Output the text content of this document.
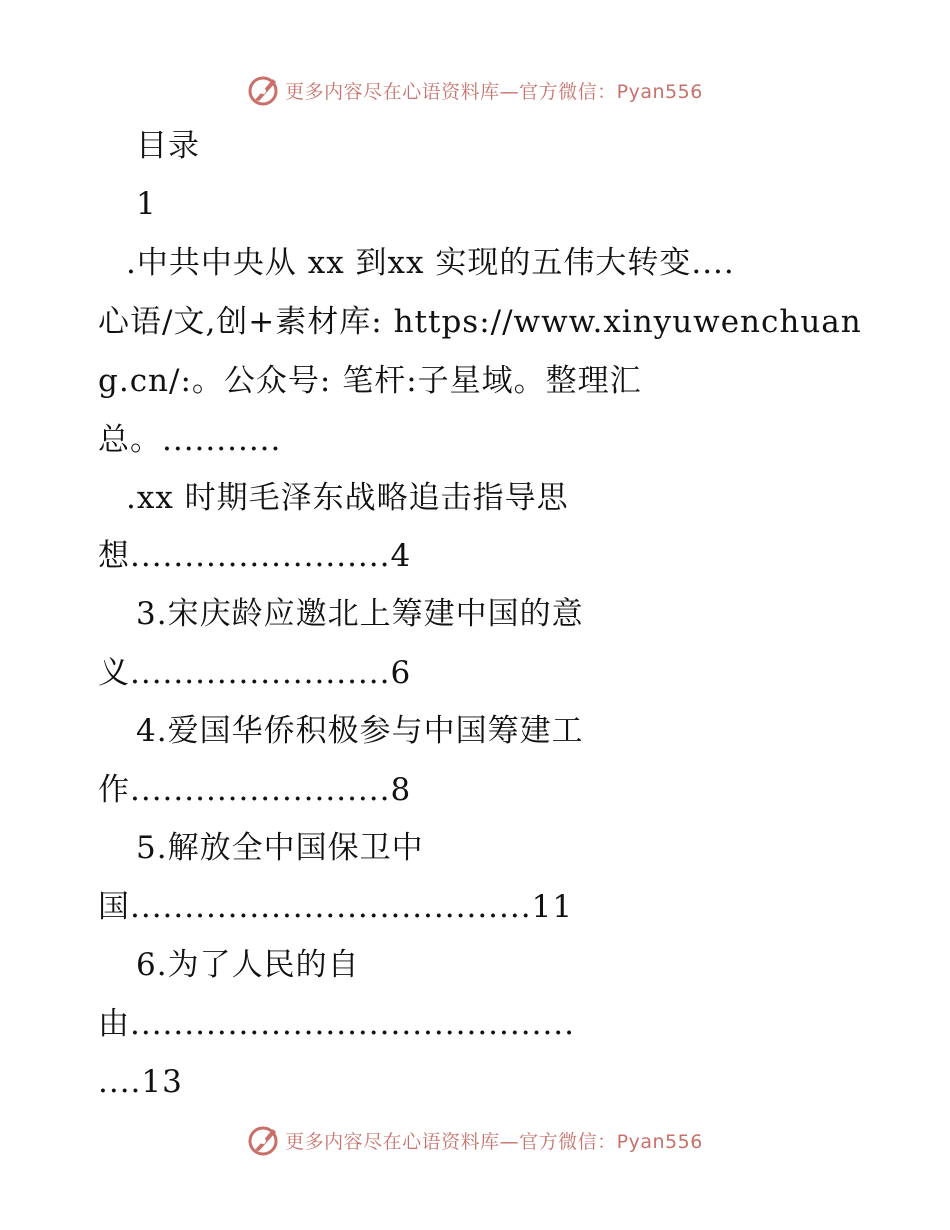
更多内容尽在心语资料库—官方微信：Pyan556
目录
1
.中共中央从 xx 到xx 实现的五伟大转变....
心语/文,创+素材库: https://www.xinyuwenchuan
g.cn/:。公众号: 笔杆:子星域。整理汇
总。...........
.xx 时期毛泽东战略追击指导思
想........................4
3.宋庆龄应邀北上筹建中国的意
义........................6
4.爱国华侨积极参与中国筹建工
作........................8
5.解放全中国保卫中
国.....................................11
6.为了人民的自
由.........................................
....13
更多内容尽在心语资料库—官方微信：Pyan556
